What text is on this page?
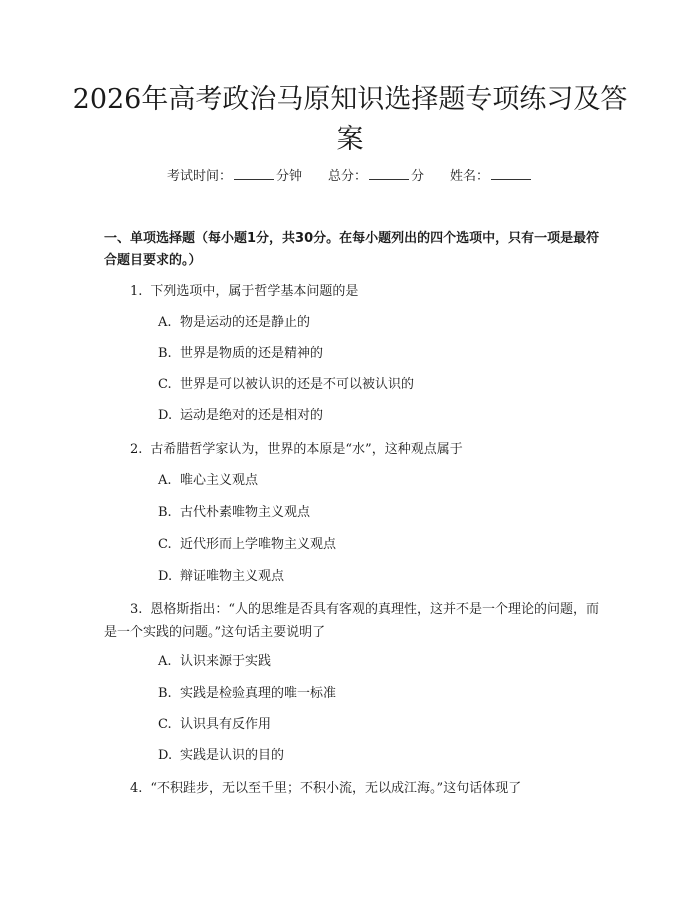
2026年高考政治马原知识选择题专项练习及答案
考试时间：	分钟 总分：	分 姓名：

一、单项选择题（每小题1分，共30分。在每小题列出的四个选项中，只有一项是最符合题目要求的。）

1. 下列选项中，属于哲学基本问题的是

A. 物是运动的还是静止的
B. 世界是物质的还是精神的
C. 世界是可以被认识的还是不可以被认识的
D. 运动是绝对的还是相对的

2. 古希腊哲学家认为，世界的本原是“水”，这种观点属于

A. 唯心主义观点
B. 古代朴素唯物主义观点
C. 近代形而上学唯物主义观点
D. 辩证唯物主义观点

3. 恩格斯指出：“人的思维是否具有客观的真理性，这并不是一个理论的问题，而是一个实践的问题。”这句话主要说明了

A. 认识来源于实践
B. 实践是检验真理的唯一标准
C. 认识具有反作用
D. 实践是认识的目的

4. “不积跬步，无以至千里；不积小流，无以成江海。”这句话体现了
